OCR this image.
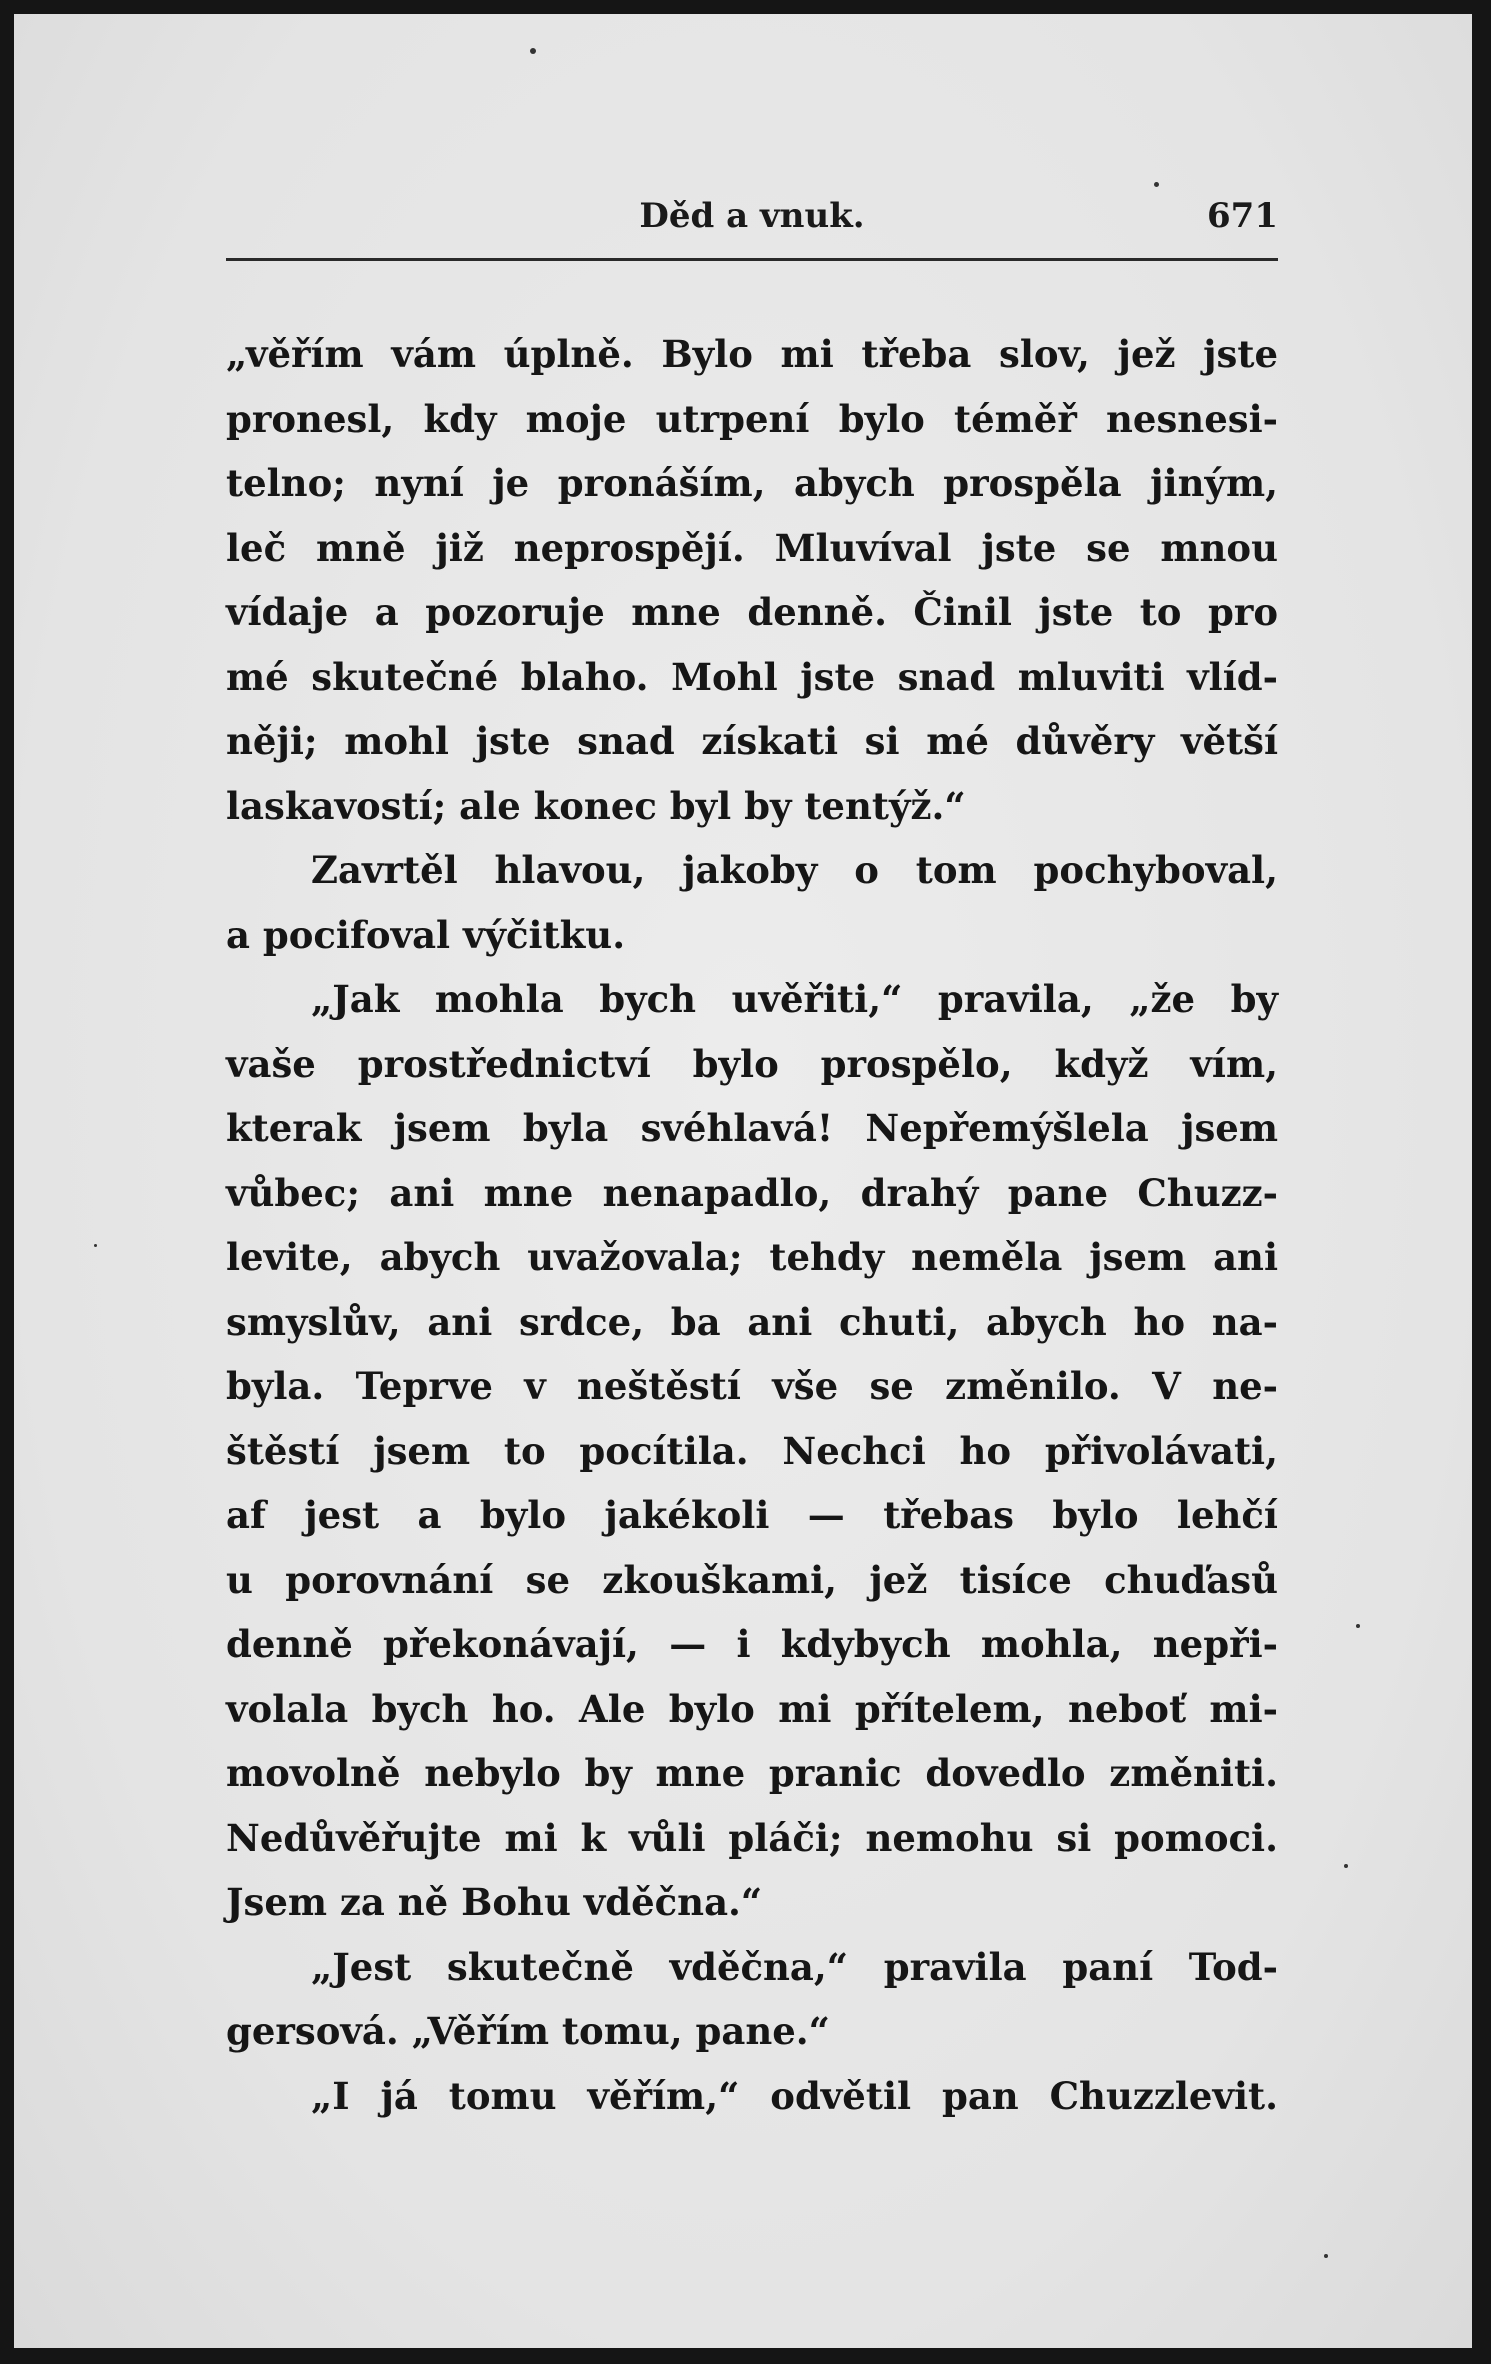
Děd a vnuk.	671
„věřím vám úplně. Bylo mi třeba slov, jež jste
pronesl, kdy moje utrpení bylo téměř nesnesi-
telno; nyní je pronáším, abych prospěla jiným,
leč mně již neprospějí. Mluvíval jste se mnou
vídaje a pozoruje mne denně. Činil jste to pro
mé skutečné blaho. Mohl jste snad mluviti vlíd-
něji; mohl jste snad získati si mé důvěry větší
laskavostí; ale konec byl by tentýž.“
Zavrtěl hlavou, jakoby o tom pochyboval,
a pocifoval výčitku.
„Jak mohla bych uvěřiti,“ pravila, „že by
vaše prostřednictví bylo prospělo, když vím,
kterak jsem byla svéhlavá! Nepřemýšlela jsem
vůbec; ani mne nenapadlo, drahý pane Chuzz-
levite, abych uvažovala; tehdy neměla jsem ani
smyslův, ani srdce, ba ani chuti, abych ho na-
byla. Teprve v neštěstí vše se změnilo. V ne-
štěstí jsem to pocítila. Nechci ho přivolávati,
af jest a bylo jakékoli — třebas bylo lehčí
u porovnání se zkouškami, jež tisíce chuďasů
denně překonávají, — i kdybych mohla, nepři-
volala bych ho. Ale bylo mi přítelem, neboť mi-
movolně nebylo by mne pranic dovedlo změniti.
Nedůvěřujte mi k vůli pláči; nemohu si pomoci.
Jsem za ně Bohu vděčna.“
„Jest skutečně vděčna,“ pravila paní Tod-
gersová. „Věřím tomu, pane.“
„I já tomu věřím,“ odvětil pan Chuzzlevit.
